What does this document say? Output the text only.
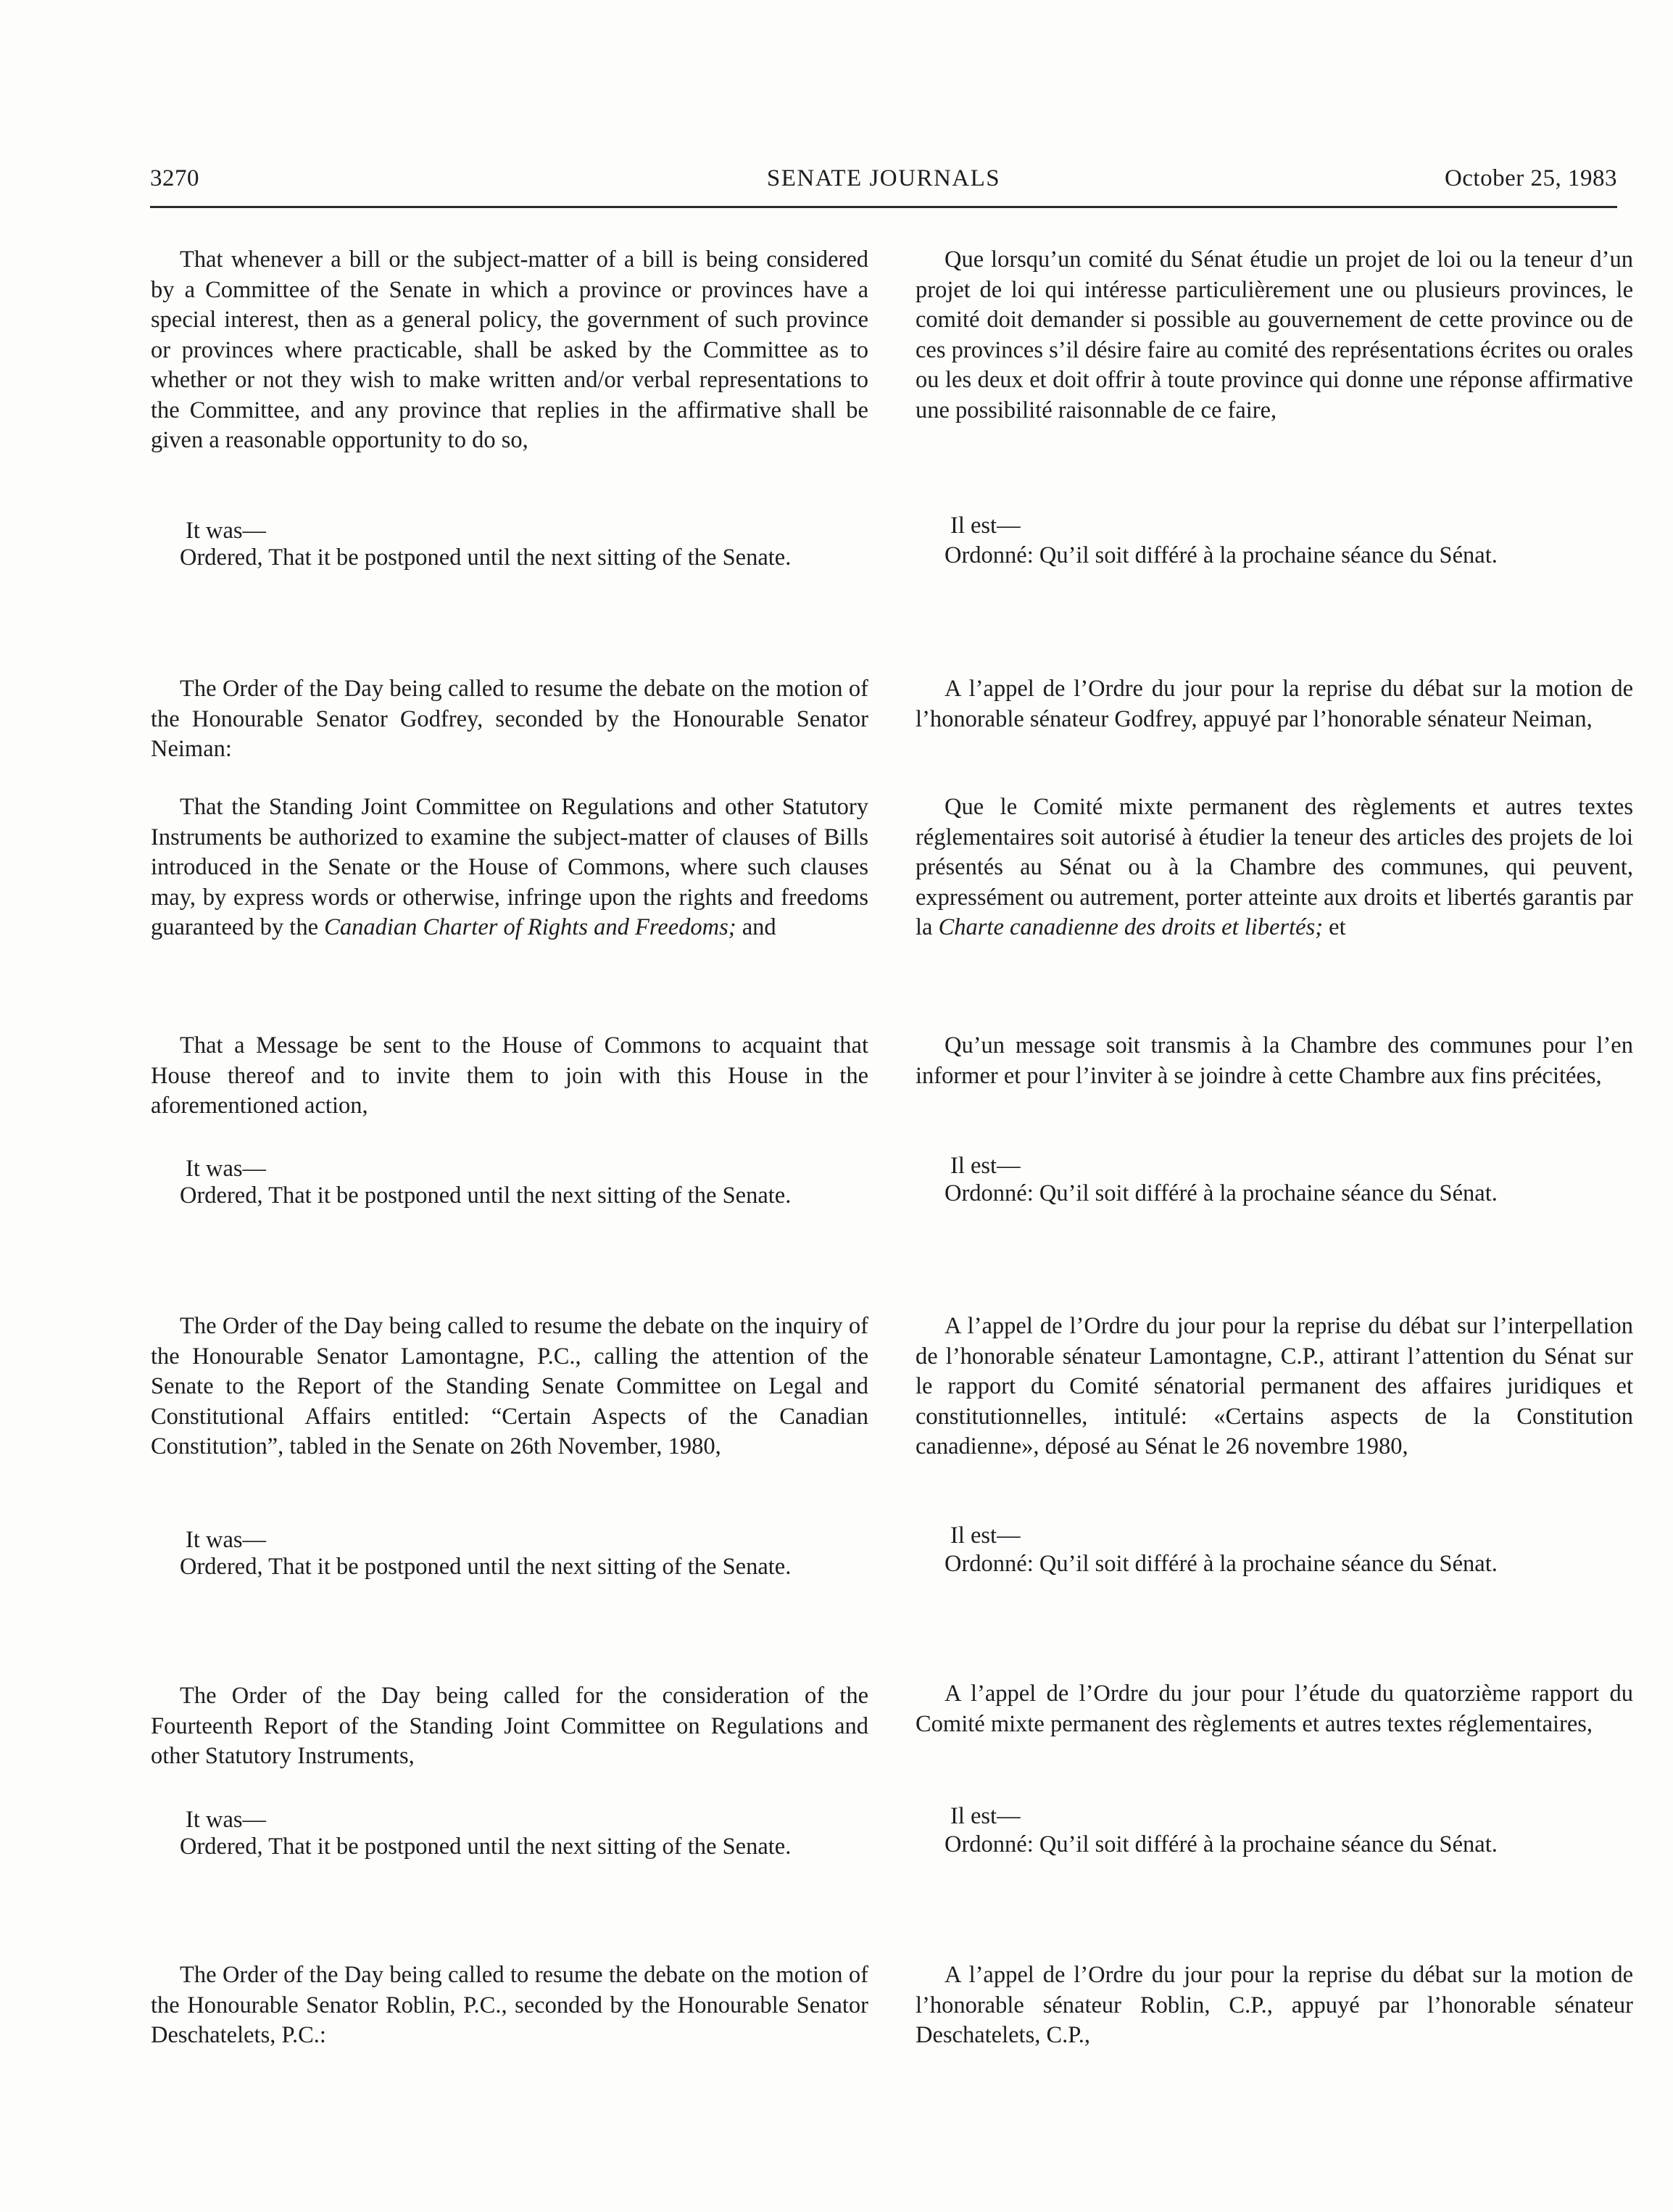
3270	SENATE JOURNALS	October 25, 1983

That whenever a bill or the subject-matter of a bill is being considered by a Committee of the Senate in which a province or provinces have a special interest, then as a general policy, the government of such province or provinces where practicable, shall be asked by the Committee as to whether or not they wish to make written and/or verbal representations to the Committee, and any province that replies in the affirmative shall be given a reasonable opportunity to do so,

It was—

Ordered, That it be postponed until the next sitting of the Senate.

The Order of the Day being called to resume the debate on the motion of the Honourable Senator Godfrey, seconded by the Honourable Senator Neiman:

That the Standing Joint Committee on Regulations and other Statutory Instruments be authorized to examine the subject-matter of clauses of Bills introduced in the Senate or the House of Commons, where such clauses may, by express words or otherwise, infringe upon the rights and freedoms guaranteed by the Canadian Charter of Rights and Freedoms; and

That a Message be sent to the House of Commons to acquaint that House thereof and to invite them to join with this House in the aforementioned action,

It was—

Ordered, That it be postponed until the next sitting of the Senate.

The Order of the Day being called to resume the debate on the inquiry of the Honourable Senator Lamontagne, P.C., calling the attention of the Senate to the Report of the Standing Senate Committee on Legal and Constitutional Affairs entitled: “Certain Aspects of the Canadian Constitution”, tabled in the Senate on 26th November, 1980,

It was—

Ordered, That it be postponed until the next sitting of the Senate.

The Order of the Day being called for the consideration of the Fourteenth Report of the Standing Joint Committee on Regulations and other Statutory Instruments,

It was—

Ordered, That it be postponed until the next sitting of the Senate.

The Order of the Day being called to resume the debate on the motion of the Honourable Senator Roblin, P.C., seconded by the Honourable Senator Deschatelets, P.C.:

Que lorsqu’un comité du Sénat étudie un projet de loi ou la teneur d’un projet de loi qui intéresse particulièrement une ou plusieurs provinces, le comité doit demander si possible au gouvernement de cette province ou de ces provinces s’il désire faire au comité des représentations écrites ou orales ou les deux et doit offrir à toute province qui donne une réponse affirmative une possibilité raisonnable de ce faire,

Il est—

Ordonné: Qu’il soit différé à la prochaine séance du Sénat.

A l’appel de l’Ordre du jour pour la reprise du débat sur la motion de l’honorable sénateur Godfrey, appuyé par l’honorable sénateur Neiman,

Que le Comité mixte permanent des règlements et autres textes réglementaires soit autorisé à étudier la teneur des articles des projets de loi présentés au Sénat ou à la Chambre des communes, qui peuvent, expressément ou autrement, porter atteinte aux droits et libertés garantis par la Charte canadienne des droits et libertés; et

Qu’un message soit transmis à la Chambre des communes pour l’en informer et pour l’inviter à se joindre à cette Chambre aux fins précitées,

Il est—

Ordonné: Qu’il soit différé à la prochaine séance du Sénat.

A l’appel de l’Ordre du jour pour la reprise du débat sur l’interpellation de l’honorable sénateur Lamontagne, C.P., attirant l’attention du Sénat sur le rapport du Comité sénatorial permanent des affaires juridiques et constitutionnelles, intitulé: «Certains aspects de la Constitution canadienne», déposé au Sénat le 26 novembre 1980,

Il est—

Ordonné: Qu’il soit différé à la prochaine séance du Sénat.

A l’appel de l’Ordre du jour pour l’étude du quatorzième rapport du Comité mixte permanent des règlements et autres textes réglementaires,

Il est—

Ordonné: Qu’il soit différé à la prochaine séance du Sénat.

A l’appel de l’Ordre du jour pour la reprise du débat sur la motion de l’honorable sénateur Roblin, C.P., appuyé par l’honorable sénateur Deschatelets, C.P.,
